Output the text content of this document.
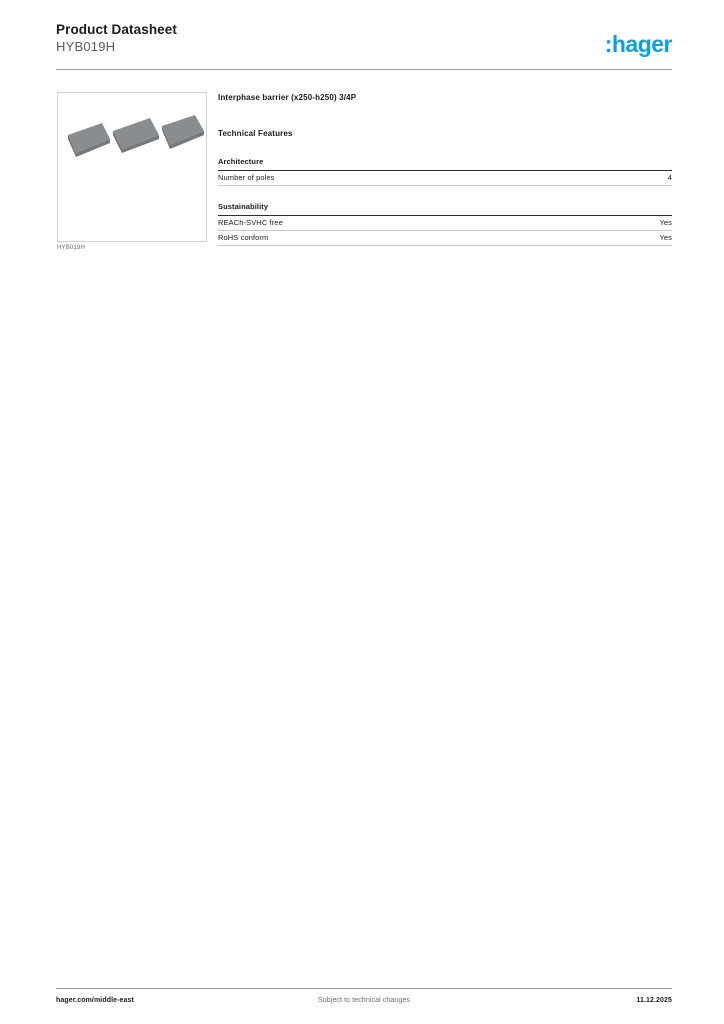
Product Datasheet
HYB019H	:hager
HYB019H
Interphase barrier (x250-h250) 3/4P
Technical Features
Architecture
Number of poles	4
Sustainability
REACh-SVHC free	Yes
RoHS conform	Yes
Subject to technical changes
hager.com/middle-east	11.12.2025
